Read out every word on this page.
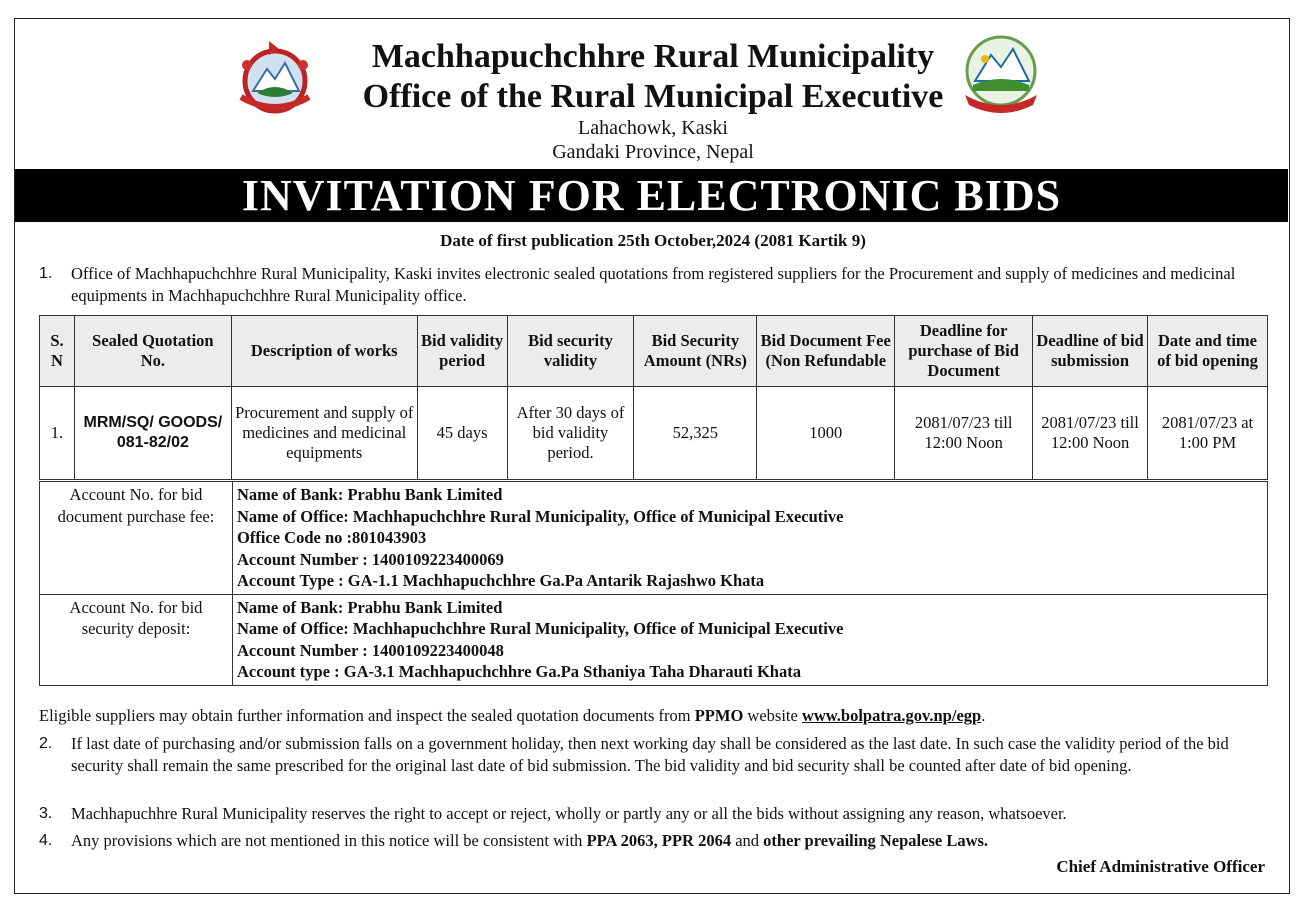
Machhapuchchhre Rural Municipality
Office of the Rural Municipal Executive
Lahachowk, Kaski
Gandaki Province, Nepal
INVITATION FOR ELECTRONIC BIDS
Date of first publication 25th October,2024 (2081 Kartik 9)
1. Office of Machhapuchchhre Rural Municipality, Kaski invites electronic sealed quotations from registered suppliers for the Procurement and supply of medicines and medicinal equipments in Machhapuchchhre Rural Municipality office.
S. N	Sealed Quotation No.	Description of works	Bid validity period	Bid security validity	Bid Security Amount (NRs)	Bid Document Fee (Non Refundable	Deadline for purchase of Bid Document	Deadline of bid submission	Date and time of bid opening
1.	MRM/SQ/ GOODS/ 081-82/02	Procurement and supply of medicines and medicinal equipments	45 days	After 30 days of bid validity period.	52,325	1000	2081/07/23 till 12:00 Noon	2081/07/23 till 12:00 Noon	2081/07/23 at 1:00 PM
Account No. for bid document purchase fee:	Name of Bank: Prabhu Bank Limited
Name of Office: Machhapuchchhre Rural Municipality, Office of Municipal Executive
Office Code no :801043903
Account Number : 1400109223400069
Account Type : GA-1.1 Machhapuchchhre Ga.Pa Antarik Rajashwo Khata

Account No. for bid security deposit:	Name of Bank: Prabhu Bank Limited
Name of Office: Machhapuchchhre Rural Municipality, Office of Municipal Executive
Account Number : 1400109223400048
Account type : GA-3.1 Machhapuchchhre Ga.Pa Sthaniya Taha Dharauti Khata
Eligible suppliers may obtain further information and inspect the sealed quotation documents from PPMO website www.bolpatra.gov.np/egp.
2. If last date of purchasing and/or submission falls on a government holiday, then next working day shall be considered as the last date. In such case the validity period of the bid security shall remain the same prescribed for the original last date of bid submission. The bid validity and bid security shall be counted after date of bid opening.
3. Machhapuchhre Rural Municipality reserves the right to accept or reject, wholly or partly any or all the bids without assigning any reason, whatsoever.
4. Any provisions which are not mentioned in this notice will be consistent with PPA 2063, PPR 2064 and other prevailing Nepalese Laws.
Chief Administrative Officer
